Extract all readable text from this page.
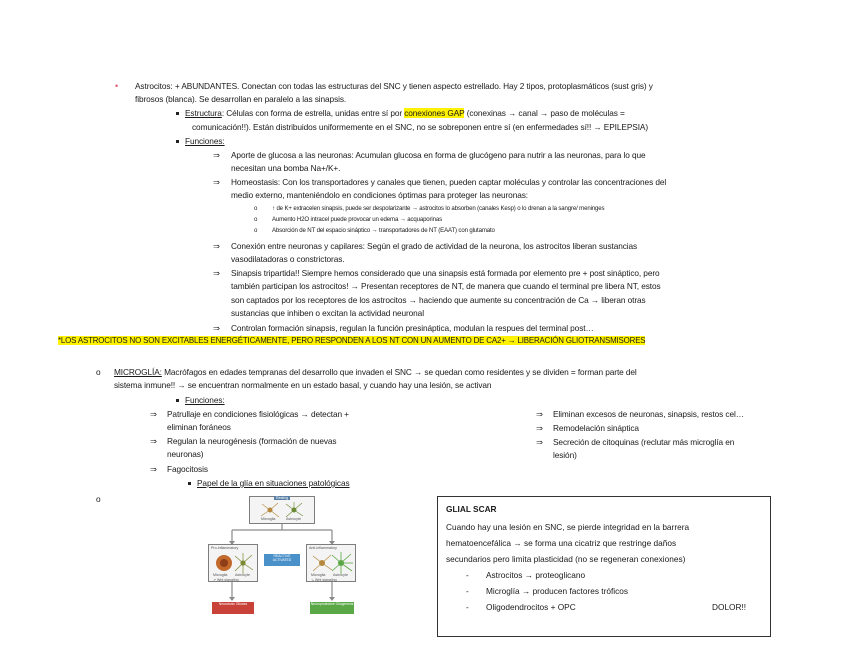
• Astrocitos: + ABUNDANTES. Conectan con todas las estructuras del SNC y tienen aspecto estrellado. Hay 2 tipos, protoplasmáticos (sust gris) y
fibrosos (blanca). Se desarrollan en paralelo a las sinapsis.
Estructura: Células con forma de estrella, unidas entre sí por conexiones GAP (conexinas → canal → paso de moléculas =
comunicación!!). Están distribuidos uniformemente en el SNC, no se sobreponen entre sí (en enfermedades sí!! → EPILEPSIA)
Funciones:
⇒ Aporte de glucosa a las neuronas: Acumulan glucosa en forma de glucógeno para nutrir a las neuronas, para lo que
necesitan una bomba Na+/K+.
⇒ Homeostasis: Con los transportadores y canales que tienen, pueden captar moléculas y controlar las concentraciones del
medio externo, manteniéndolo en condiciones óptimas para proteger las neuronas:
o ↑ de K+ extracelen sinapsis, puede ser despolarizante → astrocitos lo absorben (canales Kesp) o lo drenan a la sangre/ meninges
o Aumento H2O intracel puede provocar un edema → acquaporinas
o Absorción de NT del espacio sináptico → transportadores de NT (EAAT) con glutamato
⇒ Conexión entre neuronas y capilares: Según el grado de actividad de la neurona, los astrocitos liberan sustancias
vasodilatadoras o constrictoras.
⇒ Sinapsis tripartida!! Siempre hemos considerado que una sinapsis está formada por elemento pre + post sináptico, pero
también participan los astrocitos! → Presentan receptores de NT, de manera que cuando el terminal pre libera NT, estos
son captados por los receptores de los astrocitos → haciendo que aumente su concentración de Ca → liberan otras
sustancias que inhiben o excitan la actividad neuronal
⇒ Controlan formación sinapsis, regulan la función presináptica, modulan la respues del terminal post…
*LOS ASTROCITOS NO SON EXCITABLES ENERGÉTICAMENTE, PERO RESPONDEN A LOS NT CON UN AUMENTO DE CA2+ → LIBERACIÓN GLIOTRANSMISORES
o MICROGLÍA: Macrófagos en edades tempranas del desarrollo que invaden el SNC → se quedan como residentes y se dividen = forman parte del
sistema inmune!! → se encuentran normalmente en un estado basal, y cuando hay una lesión, se activan
Funciones:
⇒ Patrullaje en condiciones fisiológicas → detectan +
eliminan foráneos
⇒ Regulan la neurogénesis (formación de nuevas
neuronas)
⇒ Fagocitosis
⇒ Eliminan excesos de neuronas, sinapsis, restos cel…
⇒ Remodelación sináptica
⇒ Secreción de citoquinas (reclutar más microglía en
lesión)
Papel de la glía en situaciones patológicas
o	Resting
Microglia	Astrocyte
Pro-inflammatory
Microglia Astrocyte
↗ Wnt signaling
REACTIVE ACTIVATED
Anti-inflammatory
Microglia Astrocyte
↘ Wnt signaling
Neurotoxic Glioses	Neuroprotective Gliogenesis
GLIAL SCAR
Cuando hay una lesión en SNC, se pierde integridad en la barrera
hematoencefálica → se forma una cicatriz que restringe daños
secundarios pero limita plasticidad (no se regeneran conexiones)
- Astrocitos → proteoglicano
- Microglía → producen factores tróficos
- Oligodendrocitos + OPC	DOLOR!!
